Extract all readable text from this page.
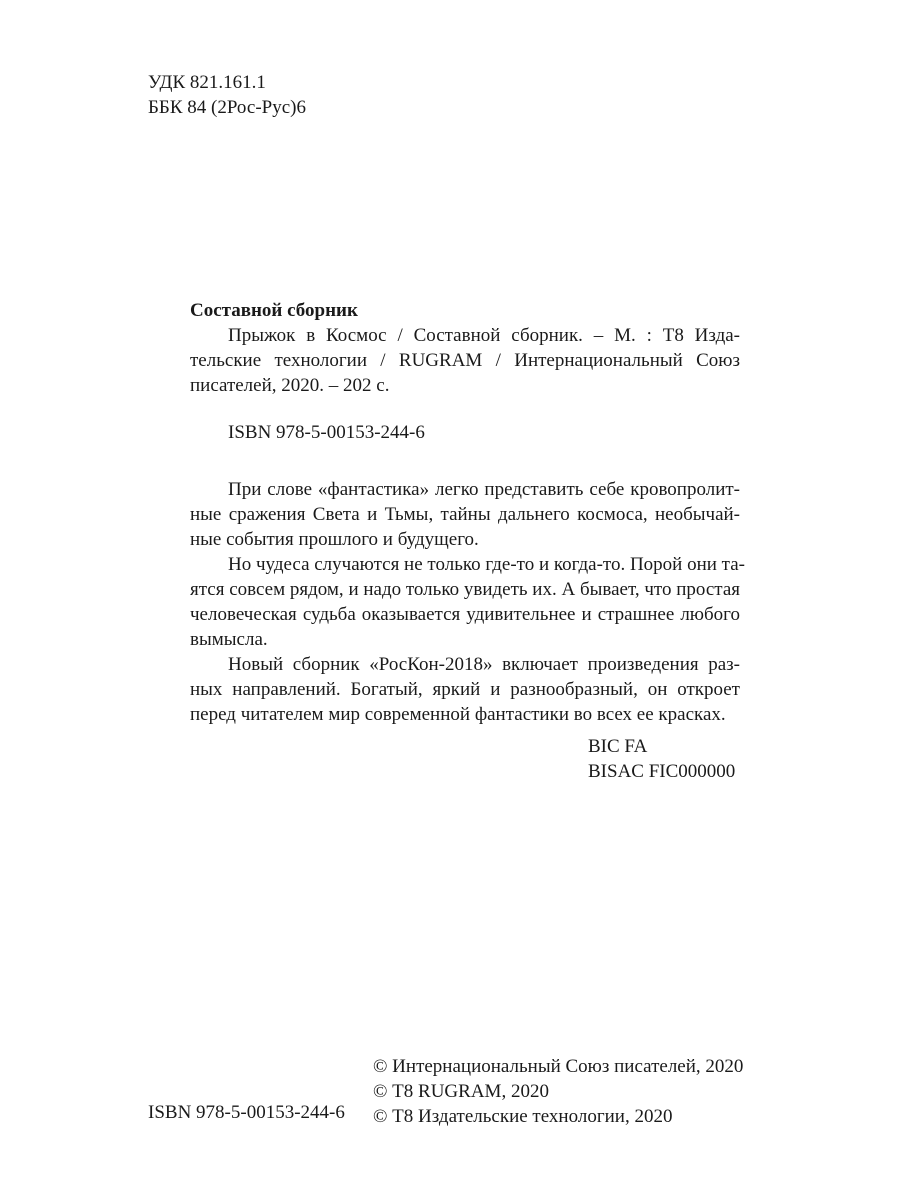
УДК 821.161.1
ББК 84 (2Рос-Рус)6
Составной сборник
Прыжок в Космос / Составной сборник. – М. : Т8 Изда-
тельские технологии / RUGRAM / Интернациональный Союз
писателей, 2020. – 202 с.
ISBN 978-5-00153-244-6

При слове «фантастика» легко представить себе кровопролит-
ные сражения Света и Тьмы, тайны дальнего космоса, необычай-
ные события прошлого и будущего.

Но чудеса случаются не только где-то и когда-то. Порой они та-
ятся совсем рядом, и надо только увидеть их. А бывает, что простая
человеческая судьба оказывается удивительнее и страшнее любого
вымысла.

Новый сборник «РосКон-2018» включает произведения раз-
ных направлений. Богатый, яркий и разнообразный, он откроет
перед читателем мир современной фантастики во всех ее красках.

BIC FA
BISAC FIC000000
ISBN 978-5-00153-244-6
© Интернациональный Союз писателей, 2020
© Т8 RUGRAM, 2020
© Т8 Издательские технологии, 2020
